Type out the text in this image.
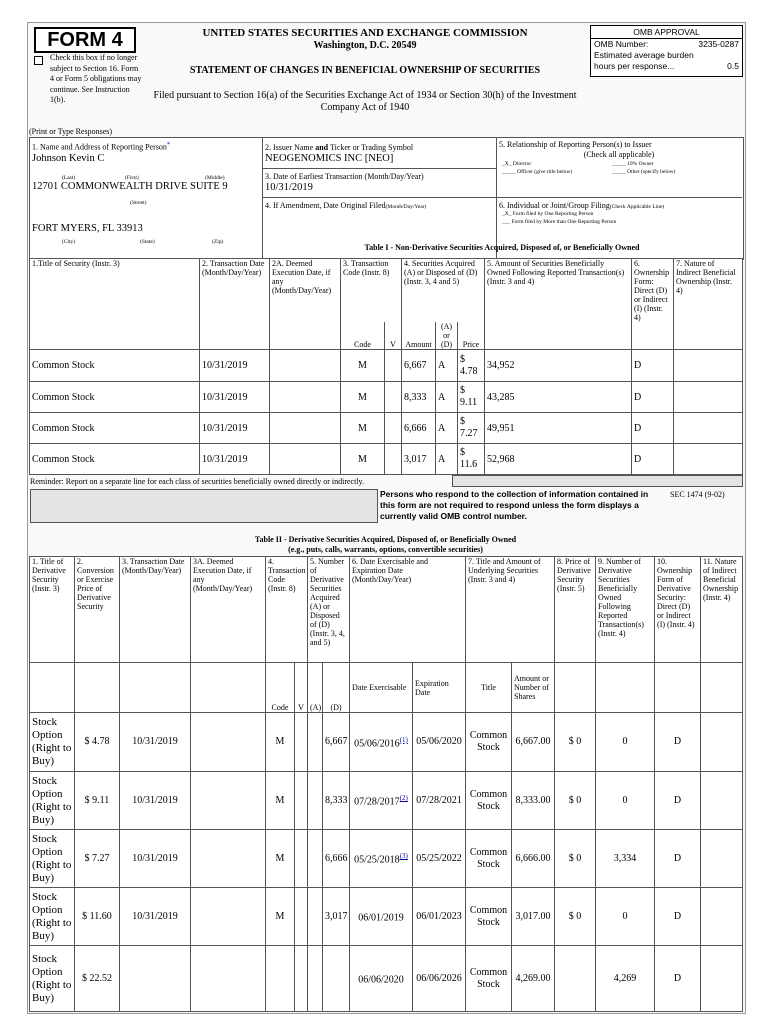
FORM 4
Check this box if no longer subject to Section 16. Form 4 or Form 5 obligations may continue. See Instruction 1(b).
UNITED STATES SECURITIES AND EXCHANGE COMMISSION
Washington, D.C. 20549
STATEMENT OF CHANGES IN BENEFICIAL OWNERSHIP OF SECURITIES
Filed pursuant to Section 16(a) of the Securities Exchange Act of 1934 or Section 30(h) of the Investment Company Act of 1940
OMB APPROVAL
OMB Number:	3235-0287
Estimated average burden
hours per response...	0.5
(Print or Type Responses)
1. Name and Address of Reporting Person*
Johnson Kevin C
(Last)	(First)	(Middle)
12701 COMMONWEALTH DRIVE SUITE 9
(Street)
FORT MYERS, FL 33913
(City)	(State)	(Zip)
2. Issuer Name and Ticker or Trading Symbol
NEOGENOMICS INC [NEO]
3. Date of Earliest Transaction (Month/Day/Year)
10/31/2019
4. If Amendment, Date Original Filed(Month/Day/Year)
5. Relationship of Reporting Person(s) to Issuer
(Check all applicable)
_X_ Director	_____ 10% Owner
_____ Officer (give title below)	_____ Other (specify below)
6. Individual or Joint/Group Filing(Check Applicable Line)
_X_ Form filed by One Reporting Person
___ Form filed by More than One Reporting Person
Table I - Non-Derivative Securities Acquired, Disposed of, or Beneficially Owned
1.Title of Security (Instr. 3)	2. Transaction Date (Month/Day/Year)	2A. Deemed Execution Date, if any (Month/Day/Year)	3. Transaction Code (Instr. 8)		4. Securities Acquired (A) or Disposed of (D) (Instr. 3, 4 and 5)			5. Amount of Securities Beneficially Owned Following Reported Transaction(s) (Instr. 3 and 4)	6. Ownership Form: Direct (D) or Indirect (I) (Instr. 4)	7. Nature of Indirect Beneficial Ownership (Instr. 4)
			Code	V	Amount	(A) or (D)	Price			
Common Stock	10/31/2019		M		6,667	A	$
4.78	34,952	D	
Common Stock	10/31/2019		M		8,333	A	$
9.11	43,285	D	
Common Stock	10/31/2019		M		6,666	A	$
7.27	49,951	D	
Common Stock	10/31/2019		M		3,017	A	$
11.6	52,968	D	
Reminder: Report on a separate line for each class of securities beneficially owned directly or indirectly.
Persons who respond to the collection of information contained in this form are not required to respond unless the form displays a currently valid OMB control number.
SEC 1474 (9-02)
Table II - Derivative Securities Acquired, Disposed of, or Beneficially Owned
(e.g., puts, calls, warrants, options, convertible securities)
1. Title of Derivative Security (Instr. 3)	2. Conversion or Exercise Price of Derivative Security	3. Transaction Date (Month/Day/Year)	3A. Deemed Execution Date, if any (Month/Day/Year)	4. Transaction Code (Instr. 8)		5. Number of Derivative Securities Acquired (A) or Disposed of (D) (Instr. 3, 4, and 5)		6. Date Exercisable and Expiration Date (Month/Day/Year)		7. Title and Amount of Underlying Securities (Instr. 3 and 4)		8. Price of Derivative Security (Instr. 5)	9. Number of Derivative Securities Beneficially Owned Following Reported Transaction(s) (Instr. 4)	10. Ownership Form of Derivative Security: Direct (D) or Indirect (I) (Instr. 4)	11. Nature of Indirect Beneficial Ownership (Instr. 4)
				Code	V	(A)	(D)	Date Exercisable	Expiration Date	Title	Amount or Number of Shares				
Stock Option (Right to Buy)	$ 4.78	10/31/2019		M			6,667	05/06/2016$^{(1)}$	05/06/2020	Common Stock	6,667.00	$ 0	0	D	
Stock Option (Right to Buy)	$ 9.11	10/31/2019		M			8,333	07/28/2017$^{(2)}$	07/28/2021	Common Stock	8,333.00	$ 0	0	D	
Stock Option (Right to Buy)	$ 7.27	10/31/2019		M			6,666	05/25/2018$^{(3)}$	05/25/2022	Common Stock	6,666.00	$ 0	3,334	D	
Stock Option (Right to Buy)	$ 11.60	10/31/2019		M			3,017	06/01/2019	06/01/2023	Common Stock	3,017.00	$ 0	0	D	
Stock Option (Right to Buy)	$ 22.52							06/06/2020	06/06/2026	Common Stock	4,269.00		4,269	D	
